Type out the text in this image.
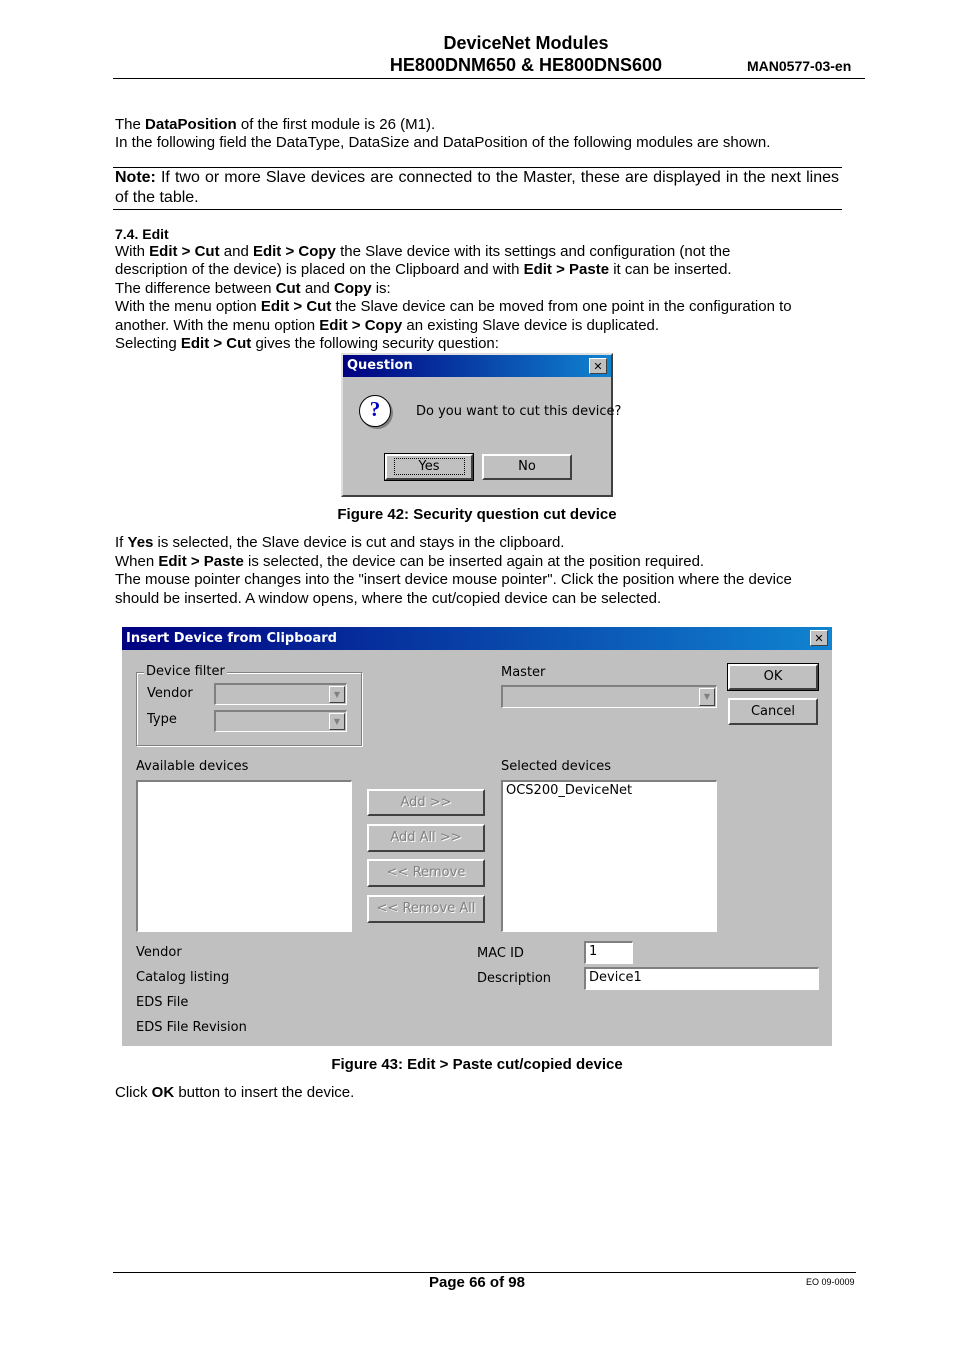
DeviceNet Modules
HE800DNM650 & HE800DNS600	MAN0577-03-en
The DataPosition of the first module is 26 (M1).
In the following field the DataType, DataSize and DataPosition of the following modules are shown.
Note: If two or more Slave devices are connected to the Master, these are displayed in the next lines of the table.
7.4. Edit
With Edit > Cut and Edit > Copy the Slave device with its settings and configuration (not the
description of the device) is placed on the Clipboard and with Edit > Paste it can be inserted.
The difference between Cut and Copy is:
With the menu option Edit > Cut the Slave device can be moved from one point in the configuration to
another. With the menu option Edit > Copy an existing Slave device is duplicated.
Selecting Edit > Cut gives the following security question:
Question	✕
?	Do you want to cut this device?
Yes	No
Figure 42: Security question cut device
If Yes is selected, the Slave device is cut and stays in the clipboard.
When Edit > Paste is selected, the device can be inserted again at the position required.
The mouse pointer changes into the "insert device mouse pointer". Click the position where the device
should be inserted. A window opens, where the cut/copied device can be selected.
Insert Device from Clipboard	✕
Device filter
Vendor	▼
Type	▼
Master
▼
OK
Cancel
Available devices
Add >>
Add All >>
<< Remove
<< Remove All
Selected devices
OCS200_DeviceNet
Vendor
Catalog listing
EDS File
EDS File Revision
MAC ID	1
Description	Device1
Figure 43: Edit > Paste cut/copied device
Click OK button to insert the device.
Page 66 of 98	EO 09-0009
